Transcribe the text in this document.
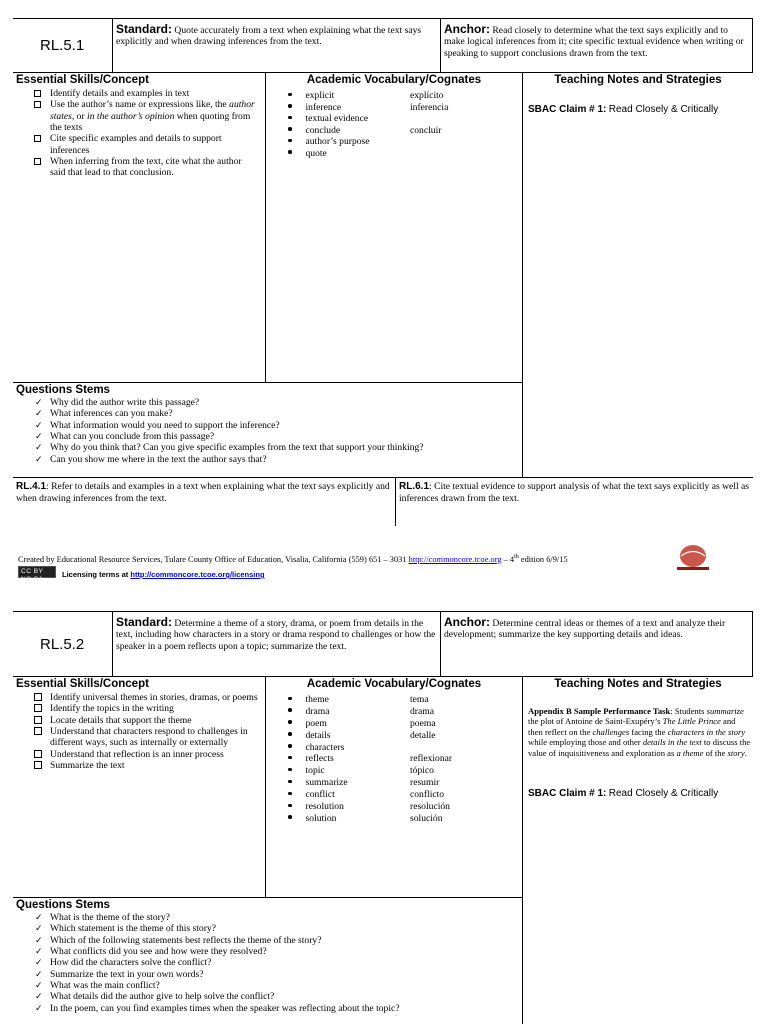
RL.5.1
Standard: Quote accurately from a text when explaining what the text says explicitly and when drawing inferences from the text.
Anchor: Read closely to determine what the text says explicitly and to make logical inferences from it; cite specific textual evidence when writing or speaking to support conclusions drawn from the text.
Essential Skills/Concept	Academic Vocabulary/Cognates	Teaching Notes and Strategies
Identify details and examples in text
Use the author’s name or expressions like, the author states, or in the author’s opinion when quoting from the texts
Cite specific examples and details to support inferences
When inferring from the text, cite what the author said that lead to that conclusion.
explicit	explícito
inference	inferencia
textual evidence	
conclude	concluir
author’s purpose	
quote	
SBAC Claim # 1: Read Closely & Critically
Questions Stems
✓ Why did the author write this passage?
✓ What inferences can you make?
✓ What information would you need to support the inference?
✓ What can you conclude from this passage?
✓ Why do you think that? Can you give specific examples from the text that support your thinking?
✓ Can you show me where in the text the author says that?
RL.4.1: Refer to details and examples in a text when explaining what the text says explicitly and when drawing inferences from the text.
RL.6.1: Cite textual evidence to support analysis of what the text says explicitly as well as inferences drawn from the text.
Created by Educational Resource Services, Tulare County Office of Education, Visalia, California (559) 651 – 3031 http://commoncore.tcoe.org – 4th edition 6/9/15
CC BY NC SA
Licensing terms at http://commoncore.tcoe.org/licensing
RL.5.2
Standard: Determine a theme of a story, drama, or poem from details in the text, including how characters in a story or drama respond to challenges or how the speaker in a poem reflects upon a topic; summarize the text.
Anchor: Determine central ideas or themes of a text and analyze their development; summarize the key supporting details and ideas.
Essential Skills/Concept	Academic Vocabulary/Cognates	Teaching Notes and Strategies
Identify universal themes in stories, dramas, or poems
Identify the topics in the writing
Locate details that support the theme
Understand that characters respond to challenges in different ways, such as internally or externally
Understand that reflection is an inner process
Summarize the text
theme	tema
drama	drama
poem	poema
details	detalle
characters	
reflects	reflexionar
topic	tópico
summarize	resumir
conflict	conflicto
resolution	resolución
solution	solución
Appendix B Sample Performance Task: Students summarize the plot of Antoine de Saint-Exupéry’s The Little Prince and then reflect on the challenges facing the characters in the story while employing those and other details in the text to discuss the value of inquisitiveness and exploration as a theme of the story.
SBAC Claim # 1: Read Closely & Critically
Questions Stems
✓ What is the theme of the story?
✓ Which statement is the theme of this story?
✓ Which of the following statements best reflects the theme of the story?
✓ What conflicts did you see and how were they resolved?
✓ How did the characters solve the conflict?
✓ Summarize the text in your own words?
✓ What was the main conflict?
✓ What details did the author give to help solve the conflict?
✓ In the poem, can you find examples times when the speaker was reflecting about the topic?
